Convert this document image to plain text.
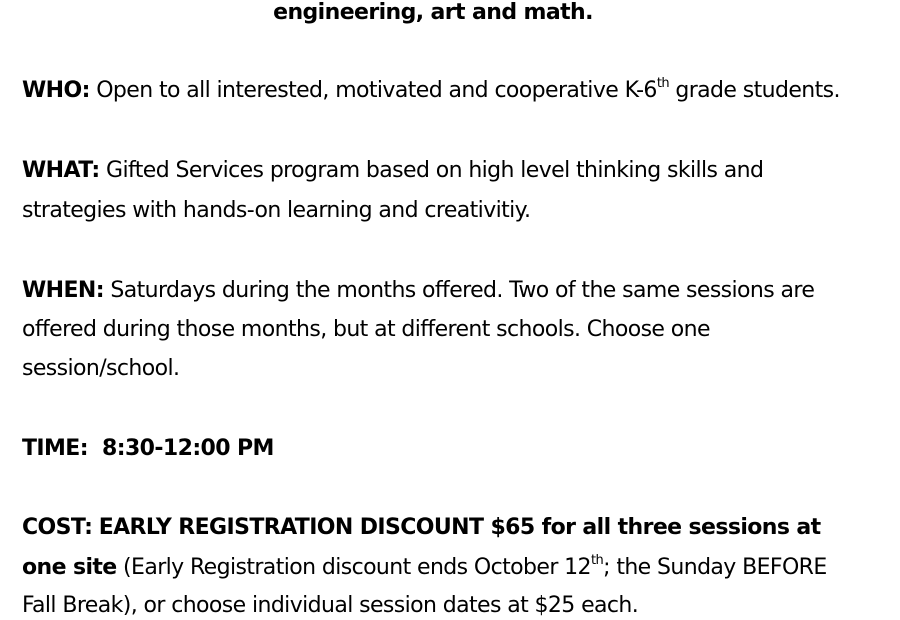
engineering, art and math.
WHO: Open to all interested, motivated and cooperative K-6th grade students.
WHAT: Gifted Services program based on high level thinking skills and
strategies with hands-on learning and creativitiy.
WHEN: Saturdays during the months offered. Two of the same sessions are
offered during those months, but at different schools. Choose one
session/school.
TIME: 8:30-12:00 PM
COST: EARLY REGISTRATION DISCOUNT $65 for all three sessions at
one site (Early Registration discount ends October 12th; the Sunday BEFORE
Fall Break), or choose individual session dates at $25 each.
